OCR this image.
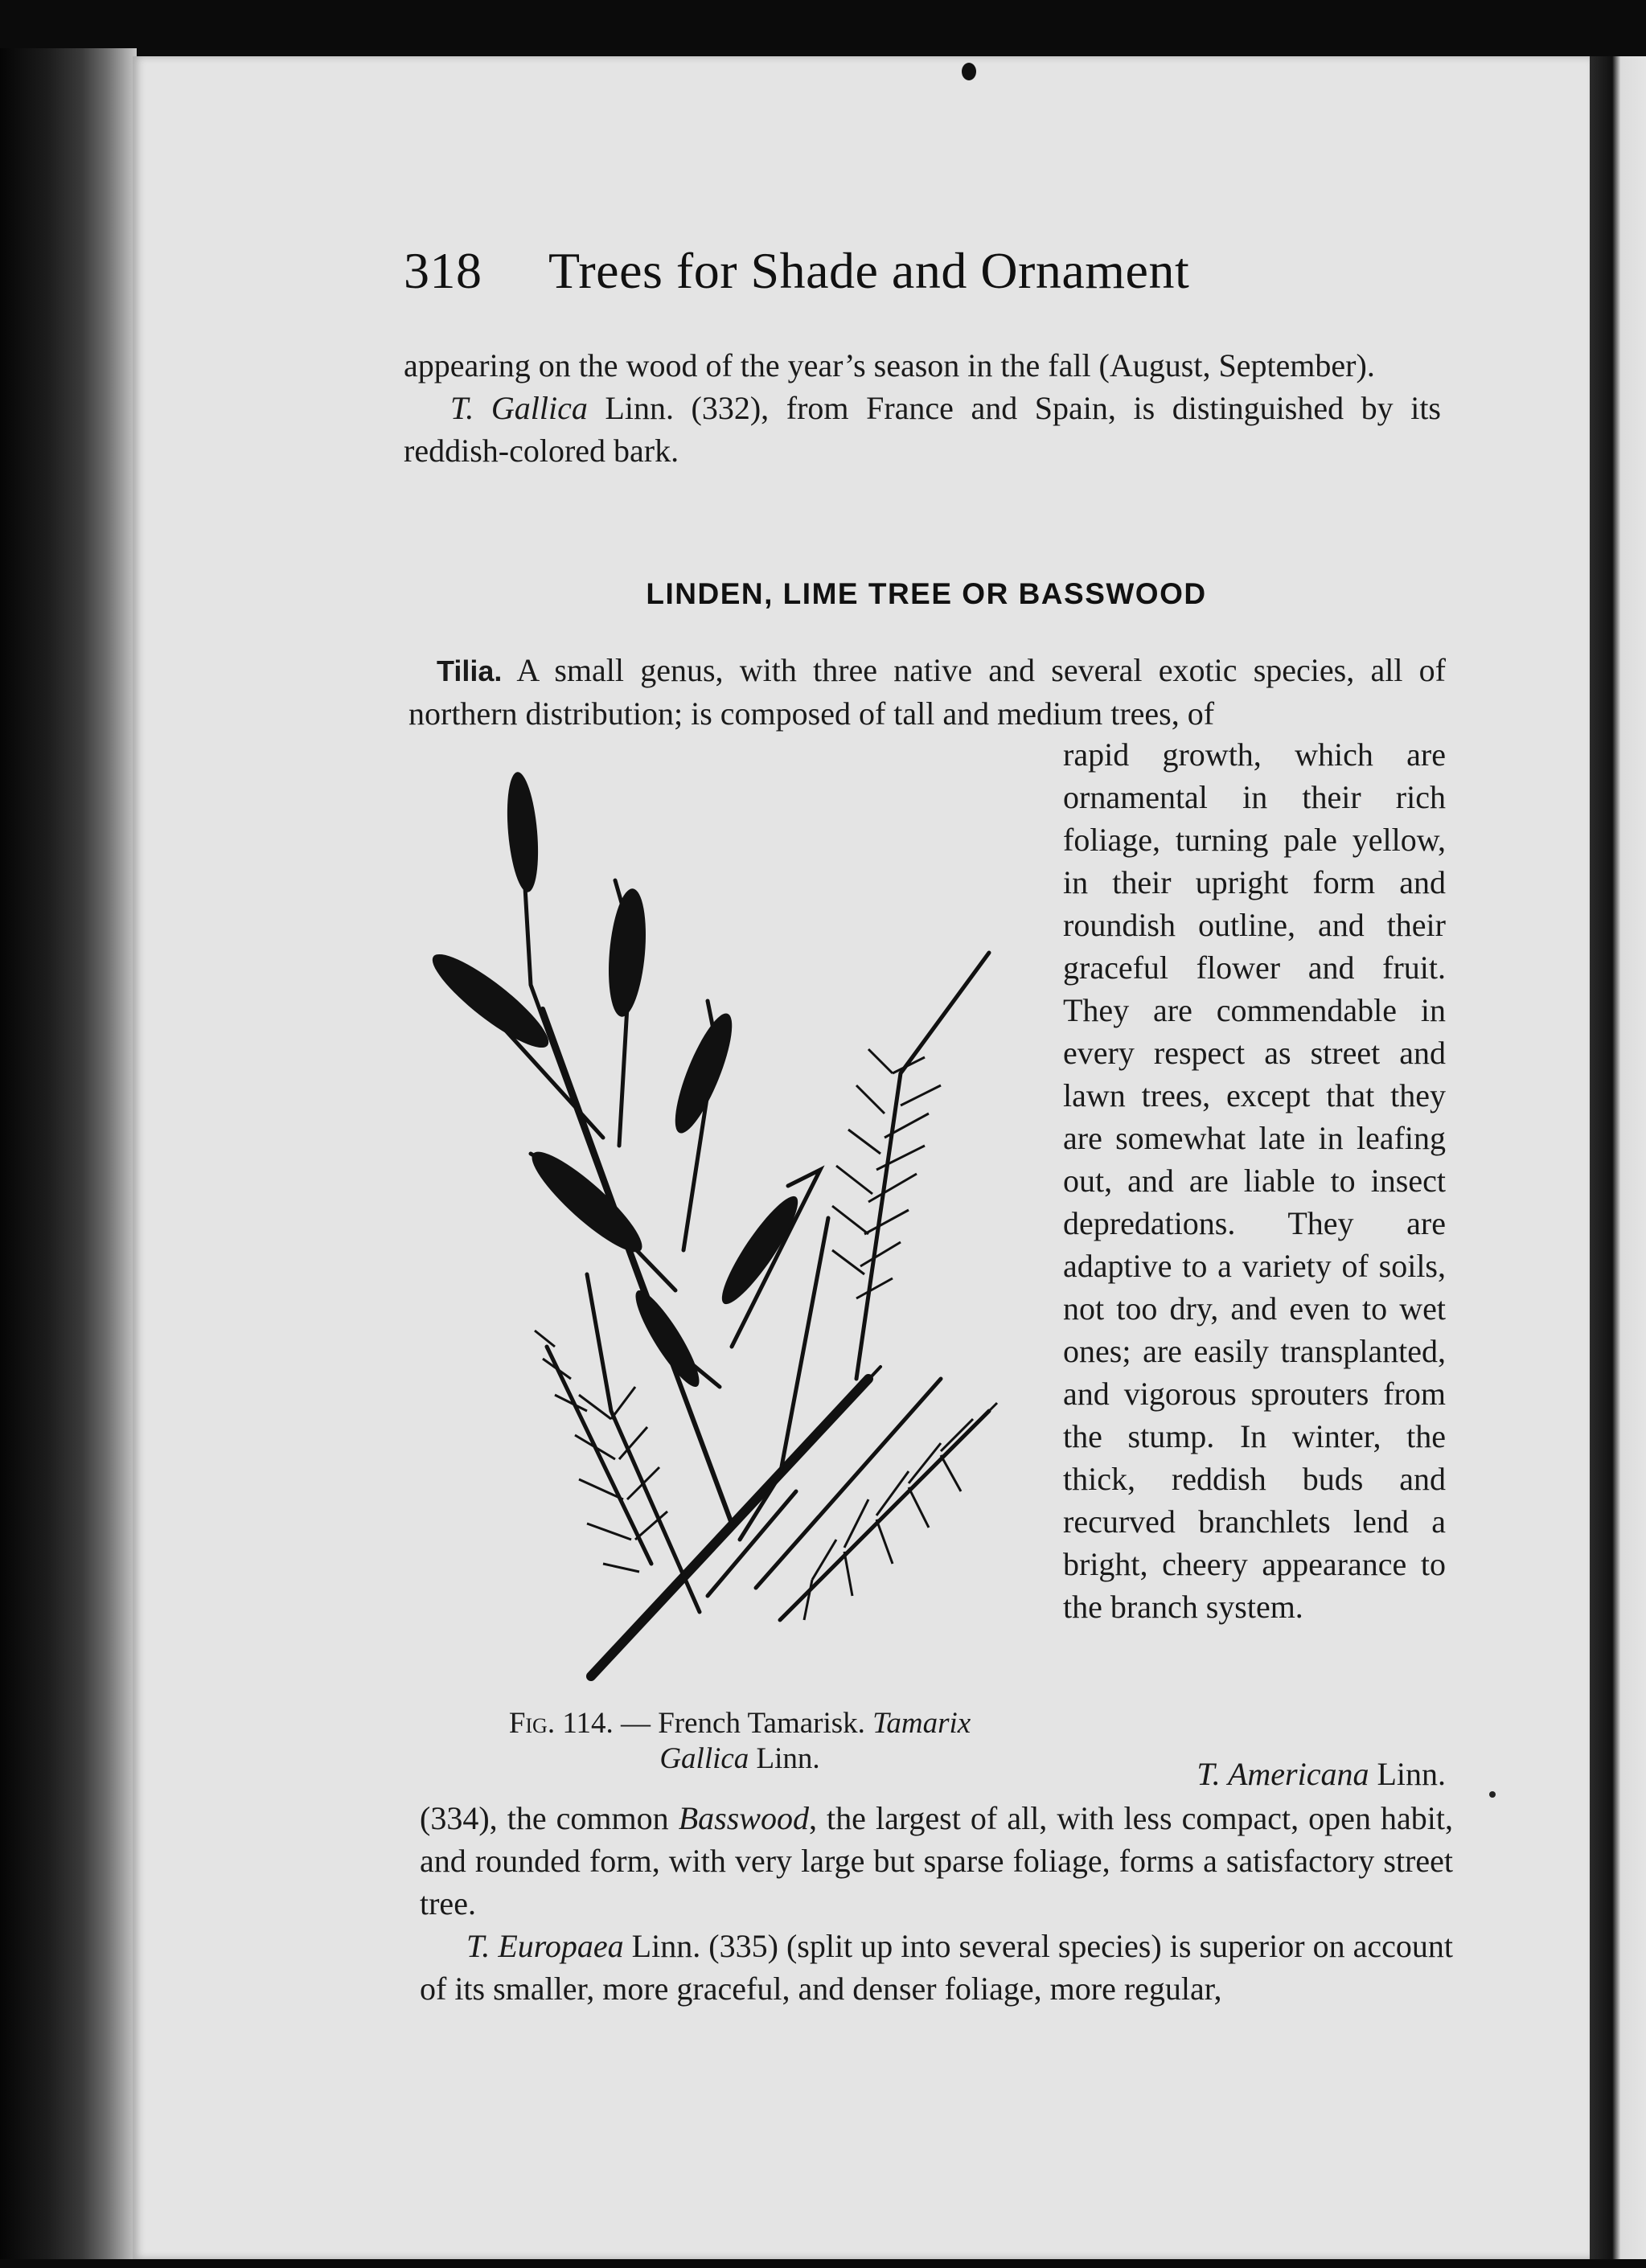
318 Trees for Shade and Ornament

appearing on the wood of the year’s season in the fall (August, September).

T. Gallica Linn. (332), from France and Spain, is distinguished by its reddish-colored bark.

LINDEN, LIME TREE OR BASSWOOD
Tilia. A small genus, with three native and several exotic species, all of northern distribution; is composed of tall and medium trees, of

rapid growth, which are ornamental in their rich foliage, turning pale yellow, in their upright form and roundish outline, and their graceful flower and fruit. They are commendable in every respect as street and lawn trees, except that they are somewhat late in leafing out, and are liable to insect depredations. They are adaptive to a variety of soils, not too dry, and even to wet ones; are easily transplanted, and vigorous sprouters from the stump. In winter, the thick, reddish buds and recurved branchlets lend a bright, cheery appearance to the branch system.

T. Americana Linn.

(334), the common Basswood, the largest of all, with less compact, open habit, and rounded form, with very large but sparse foliage, forms a satisfactory street tree.

T. Europaea Linn. (335) (split up into several species) is superior on account of its smaller, more graceful, and denser foliage, more regular,

Fig. 114. — French Tamarisk. Tamarix
Gallica Linn.
